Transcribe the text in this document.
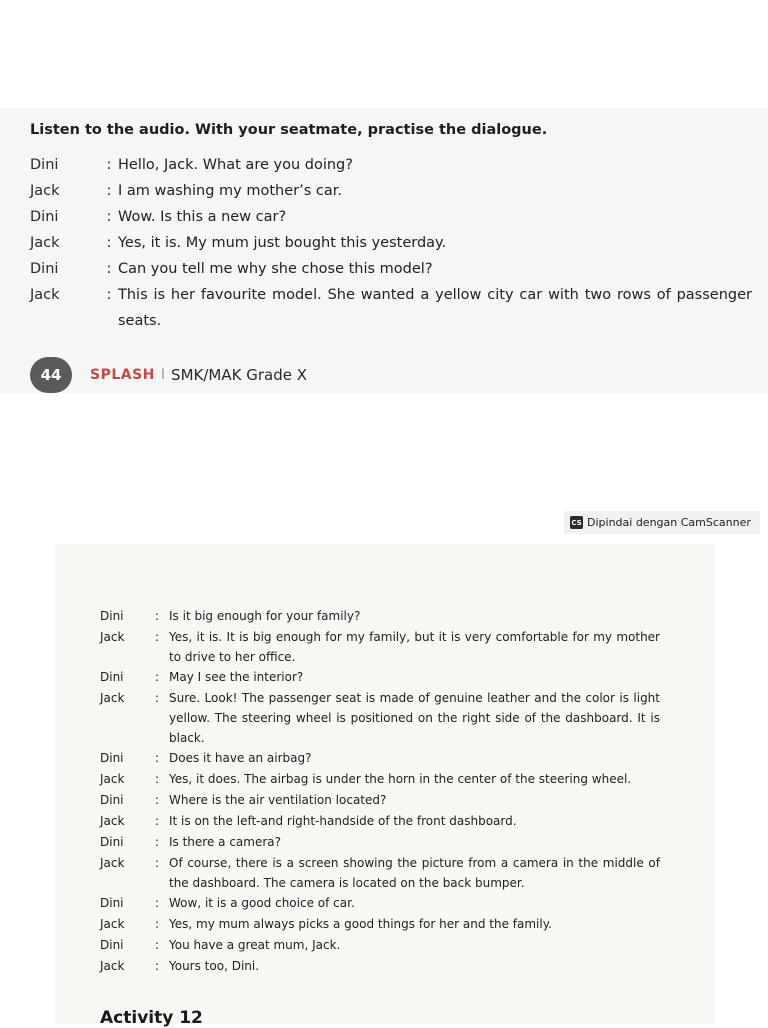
Listen to the audio. With your seatmate, practise the dialogue.
Dini	: Hello, Jack. What are you doing?
Jack	: I am washing my mother’s car.
Dini	: Wow. Is this a new car?
Jack	: Yes, it is. My mum just bought this yesterday.
Dini	: Can you tell me why she chose this model?
Jack	: This is her favourite model. She wanted a yellow city car with two rows of passenger seats.
44	SPLASH I SMK/MAK Grade X
CS Dipindai dengan CamScanner
Dini	: Is it big enough for your family?
Jack	: Yes, it is. It is big enough for my family, but it is very comfortable for my mother to drive to her office.
Dini	: May I see the interior?
Jack	: Sure. Look! The passenger seat is made of genuine leather and the color is light yellow. The steering wheel is positioned on the right side of the dashboard. It is black.
Dini	: Does it have an airbag?
Jack	: Yes, it does. The airbag is under the horn in the center of the steering wheel.
Dini	: Where is the air ventilation located?
Jack	: It is on the left-and right-handside of the front dashboard.
Dini	: Is there a camera?
Jack	: Of course, there is a screen showing the picture from a camera in the middle of the dashboard. The camera is located on the back bumper.
Dini	: Wow, it is a good choice of car.
Jack	: Yes, my mum always picks a good things for her and the family.
Dini	: You have a great mum, Jack.
Jack	: Yours too, Dini.
Activity 12
